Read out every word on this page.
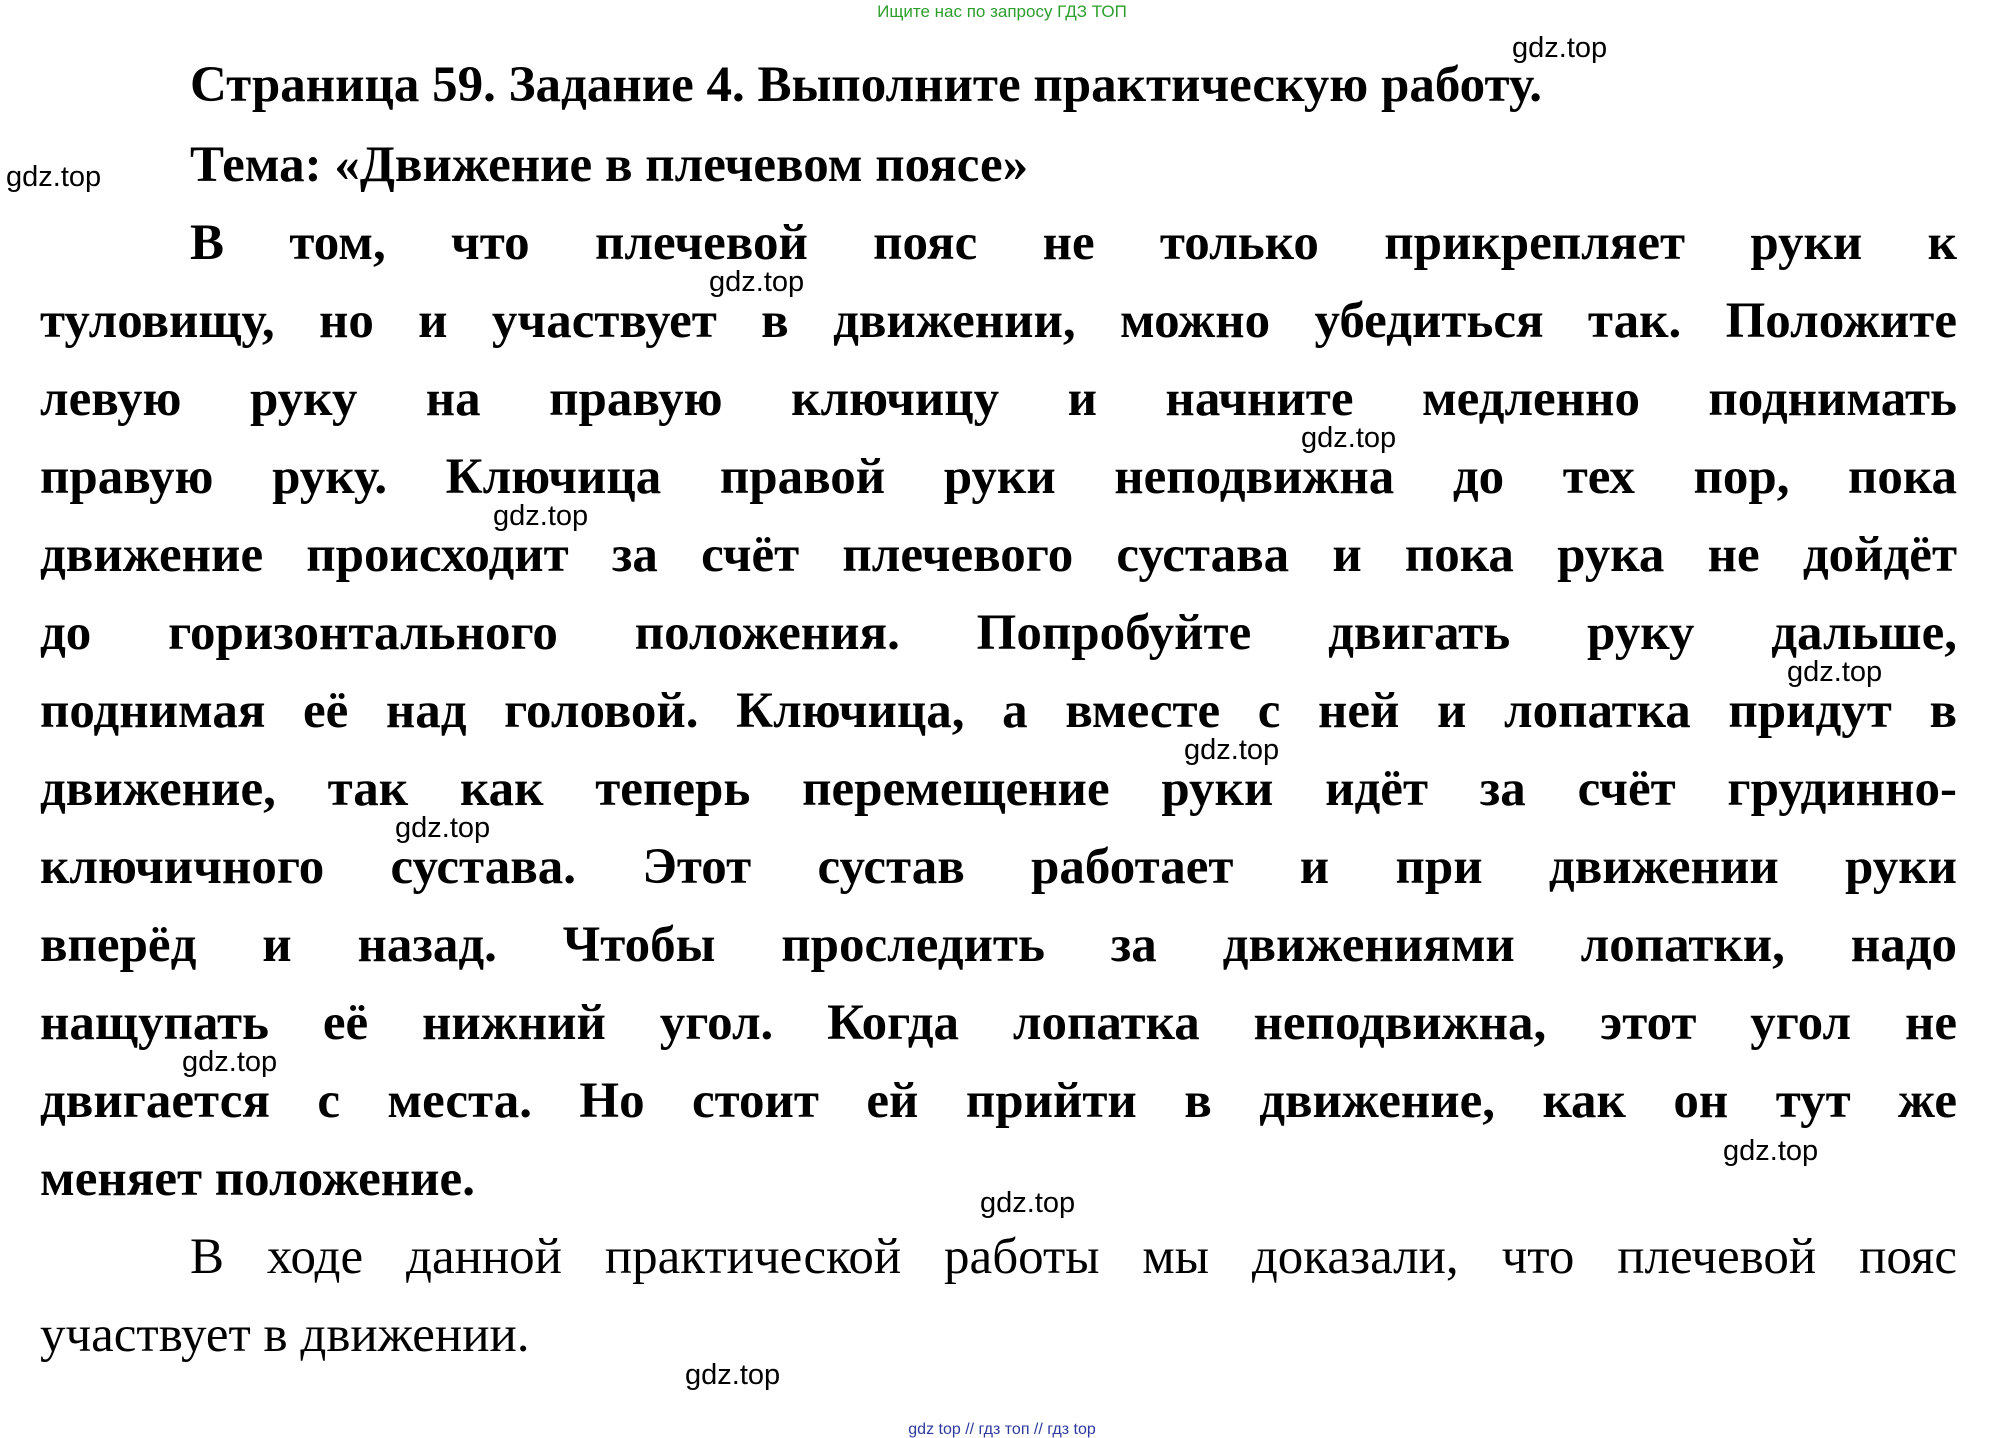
Ищите нас по запросу ГДЗ ТОП
Страница 59. Задание 4. Выполните практическую работу.
Тема: «Движение в плечевом поясе»
В том, что плечевой пояс не только прикрепляет руки к
туловищу, но и участвует в движении, можно убедиться так. Положите
левую руку на правую ключицу и начните медленно поднимать
правую руку. Ключица правой руки неподвижна до тех пор, пока
движение происходит за счёт плечевого сустава и пока рука не дойдёт
до горизонтального положения. Попробуйте двигать руку дальше,
поднимая её над головой. Ключица, а вместе с ней и лопатка придут в
движение, так как теперь перемещение руки идёт за счёт грудинно-
ключичного сустава. Этот сустав работает и при движении руки
вперёд и назад. Чтобы проследить за движениями лопатки, надо
нащупать её нижний угол. Когда лопатка неподвижна, этот угол не
двигается с места. Но стоит ей прийти в движение, как он тут же
меняет положение.
В ходе данной практической работы мы доказали, что плечевой пояс
участвует в движении.
gdz.top
gdz.top
gdz.top
gdz.top
gdz.top
gdz.top
gdz.top
gdz.top
gdz.top
gdz.top
gdz.top
gdz.top
gdz top // гдз топ // гдз top
